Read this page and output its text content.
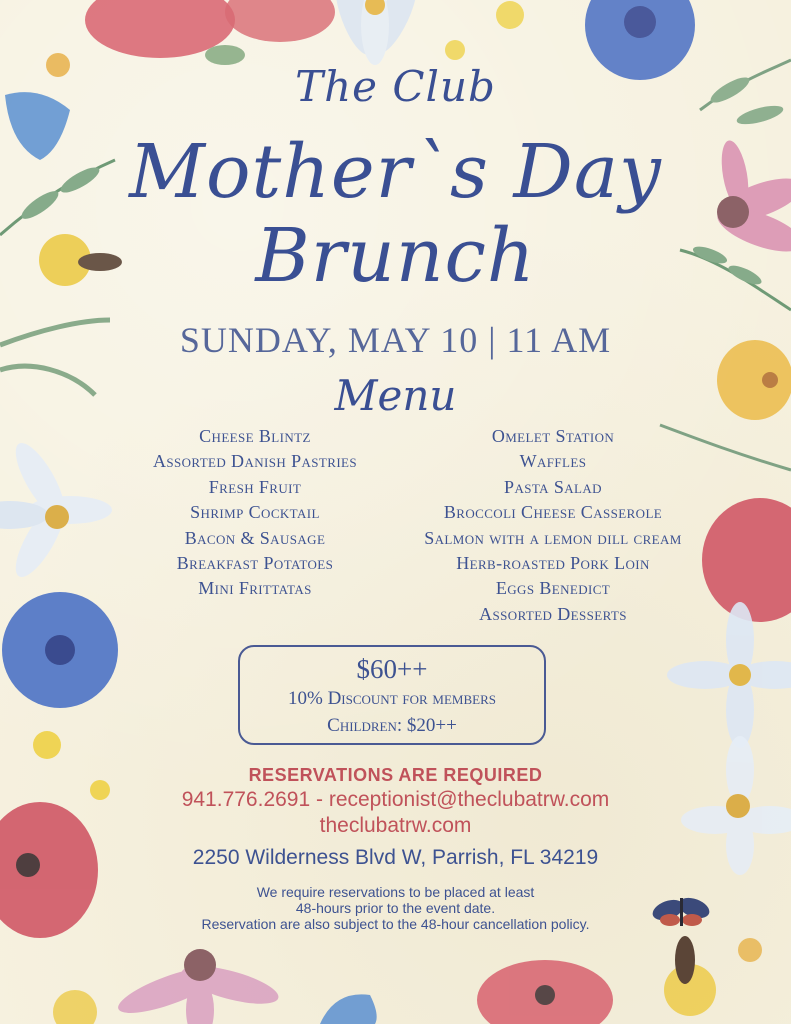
The Club
Mother`s Day
Brunch
SUNDAY, MAY 10 | 11 AM
Menu
Cheese Blintz
Assorted Danish Pastries
Fresh Fruit
Shrimp Cocktail
Bacon & Sausage
Breakfast Potatoes
Mini Frittatas
Omelet Station
Waffles
Pasta Salad
Broccoli Cheese Casserole
Salmon with a lemon dill cream
Herb-roasted Pork Loin
Eggs Benedict
Assorted Desserts
$60++
10% Discount for members
Children: $20++
RESERVATIONS ARE REQUIRED
941.776.2691 - receptionist@theclubatrw.com
theclubatrw.com
2250 Wilderness Blvd W, Parrish, FL 34219
We require reservations to be placed at least
48-hours prior to the event date.
Reservation are also subject to the 48-hour cancellation policy.
